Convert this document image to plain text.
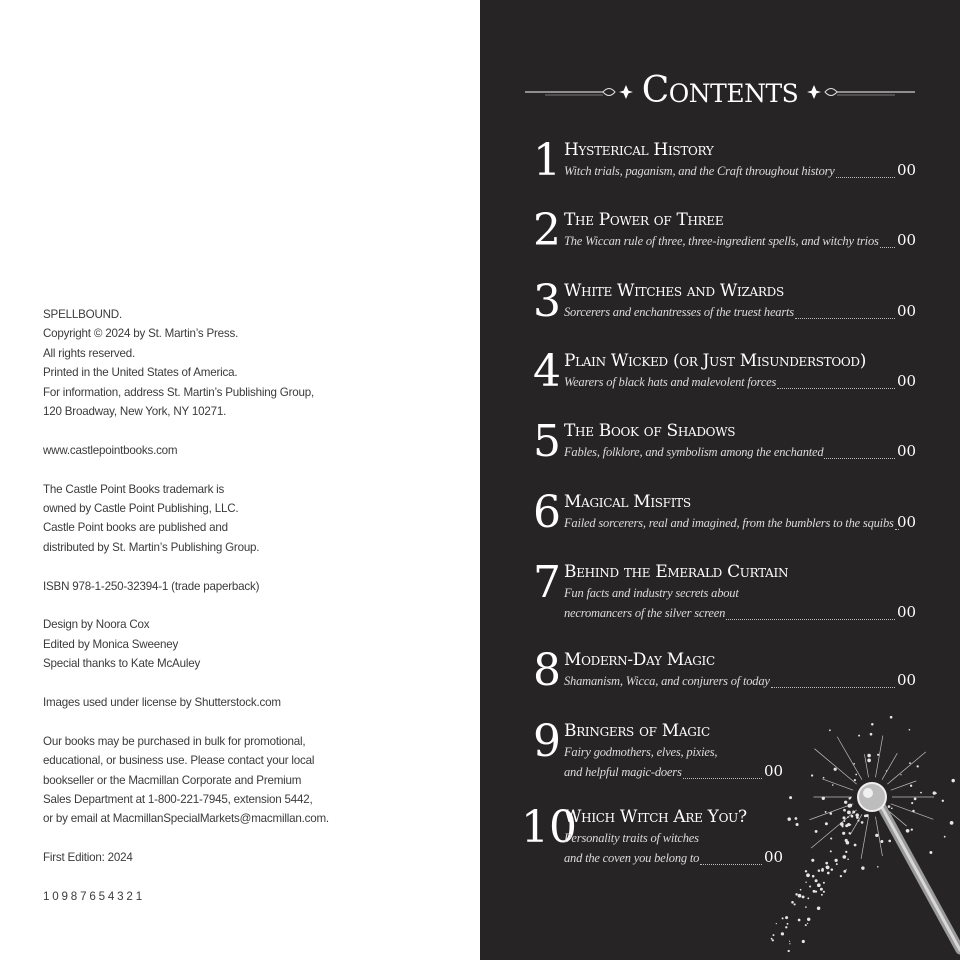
SPELLBOUND.
Copyright © 2024 by St. Martin’s Press.
All rights reserved.
Printed in the United States of America.
For information, address St. Martin’s Publishing Group,
120 Broadway, New York, NY 10271.
www.castlepointbooks.com
The Castle Point Books trademark is
owned by Castle Point Publishing, LLC.
Castle Point books are published and
distributed by St. Martin’s Publishing Group.
ISBN 978-1-250-32394-1 (trade paperback)
Design by Noora Cox
Edited by Monica Sweeney
Special thanks to Kate McAuley
Images used under license by Shutterstock.com
Our books may be purchased in bulk for promotional,
educational, or business use. Please contact your local
bookseller or the Macmillan Corporate and Premium
Sales Department at 1-800-221-7945, extension 5442,
or by email at MacmillanSpecialMarkets@macmillan.com.
First Edition: 2024
1 0 9 8 7 6 5 4 3 2 1
Contents
1 Hysterical History
Witch trials, paganism, and the Craft throughout history	00
2 The Power of Three
The Wiccan rule of three, three-ingredient spells, and witchy trios 00
3 White Witches and Wizards
Sorcerers and enchantresses of the truest hearts	00
4 Plain Wicked (or Just Misunderstood)
Wearers of black hats and malevolent forces	00
5 The Book of Shadows
Fables, folklore, and symbolism among the enchanted	00
6 Magical Misfits
Failed sorcerers, real and imagined, from the bumblers to the squibs 00
7 Behind the Emerald Curtain
Fun facts and industry secrets about
necromancers of the silver screen	00
8 Modern-Day Magic
Shamanism, Wicca, and conjurers of today	00
9 Bringers of Magic
Fairy godmothers, elves, pixies,
and helpful magic-doers	00
10
Which Witch Are You?
Personality traits of witches
and the coven you belong to	00
